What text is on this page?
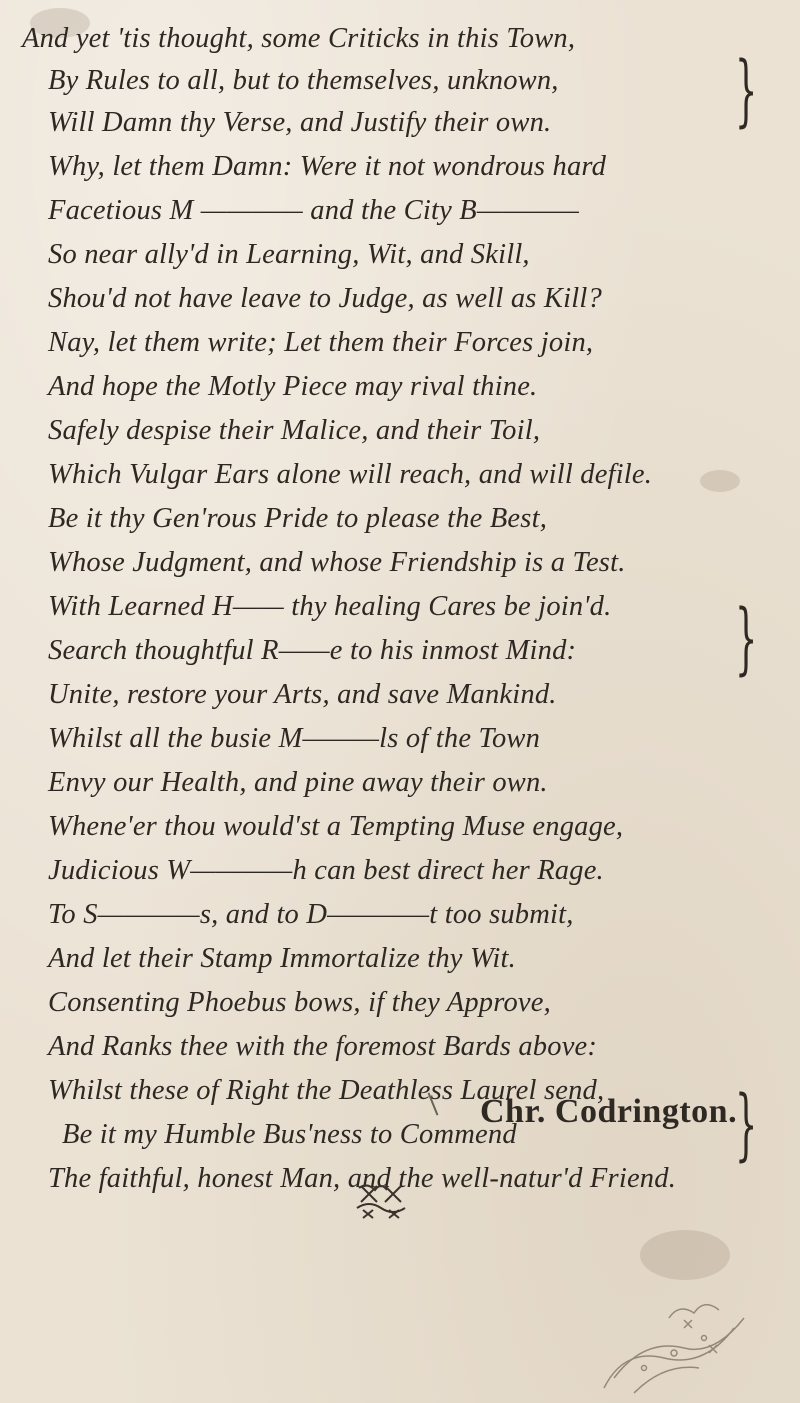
And yet 'tis thought, some Criticks in this Town,
By Rules to all, but to themselves, unknown,
Will Damn thy Verse, and Justify their own.
Why, let them Damn: Were it not wondrous hard
Facetious M ———— and the City B————
So near ally'd in Learning, Wit, and Skill,
Shou'd not have leave to Judge, as well as Kill?
Nay, let them write; Let them their Forces join,
And hope the Motly Piece may rival thine.
Safely despise their Malice, and their Toil,
Which Vulgar Ears alone will reach, and will defile.
Be it thy Gen'rous Pride to please the Best,
Whose Judgment, and whose Friendship is a Test.
With Learned H—— thy healing Cares be join'd.
Search thoughtful R——e to his inmost Mind:
Unite, restore your Arts, and save Mankind.
Whilst all the busie M———ls of the Town
Envy our Health, and pine away their own.
Whene'er thou would'st a Tempting Muse engage,
Judicious W————h can best direct her Rage.
To S————s, and to D————t too submit,
And let their Stamp Immortalize thy Wit.
Consenting Phoebus bows, if they Approve,
And Ranks thee with the foremost Bards above:
Whilst these of Right the Deathless Laurel send,
Be it my Humble Bus'ness to Commend
The faithful, honest Man, and the well-natur'd Friend.
}
}
}
Chr. Codrington.
